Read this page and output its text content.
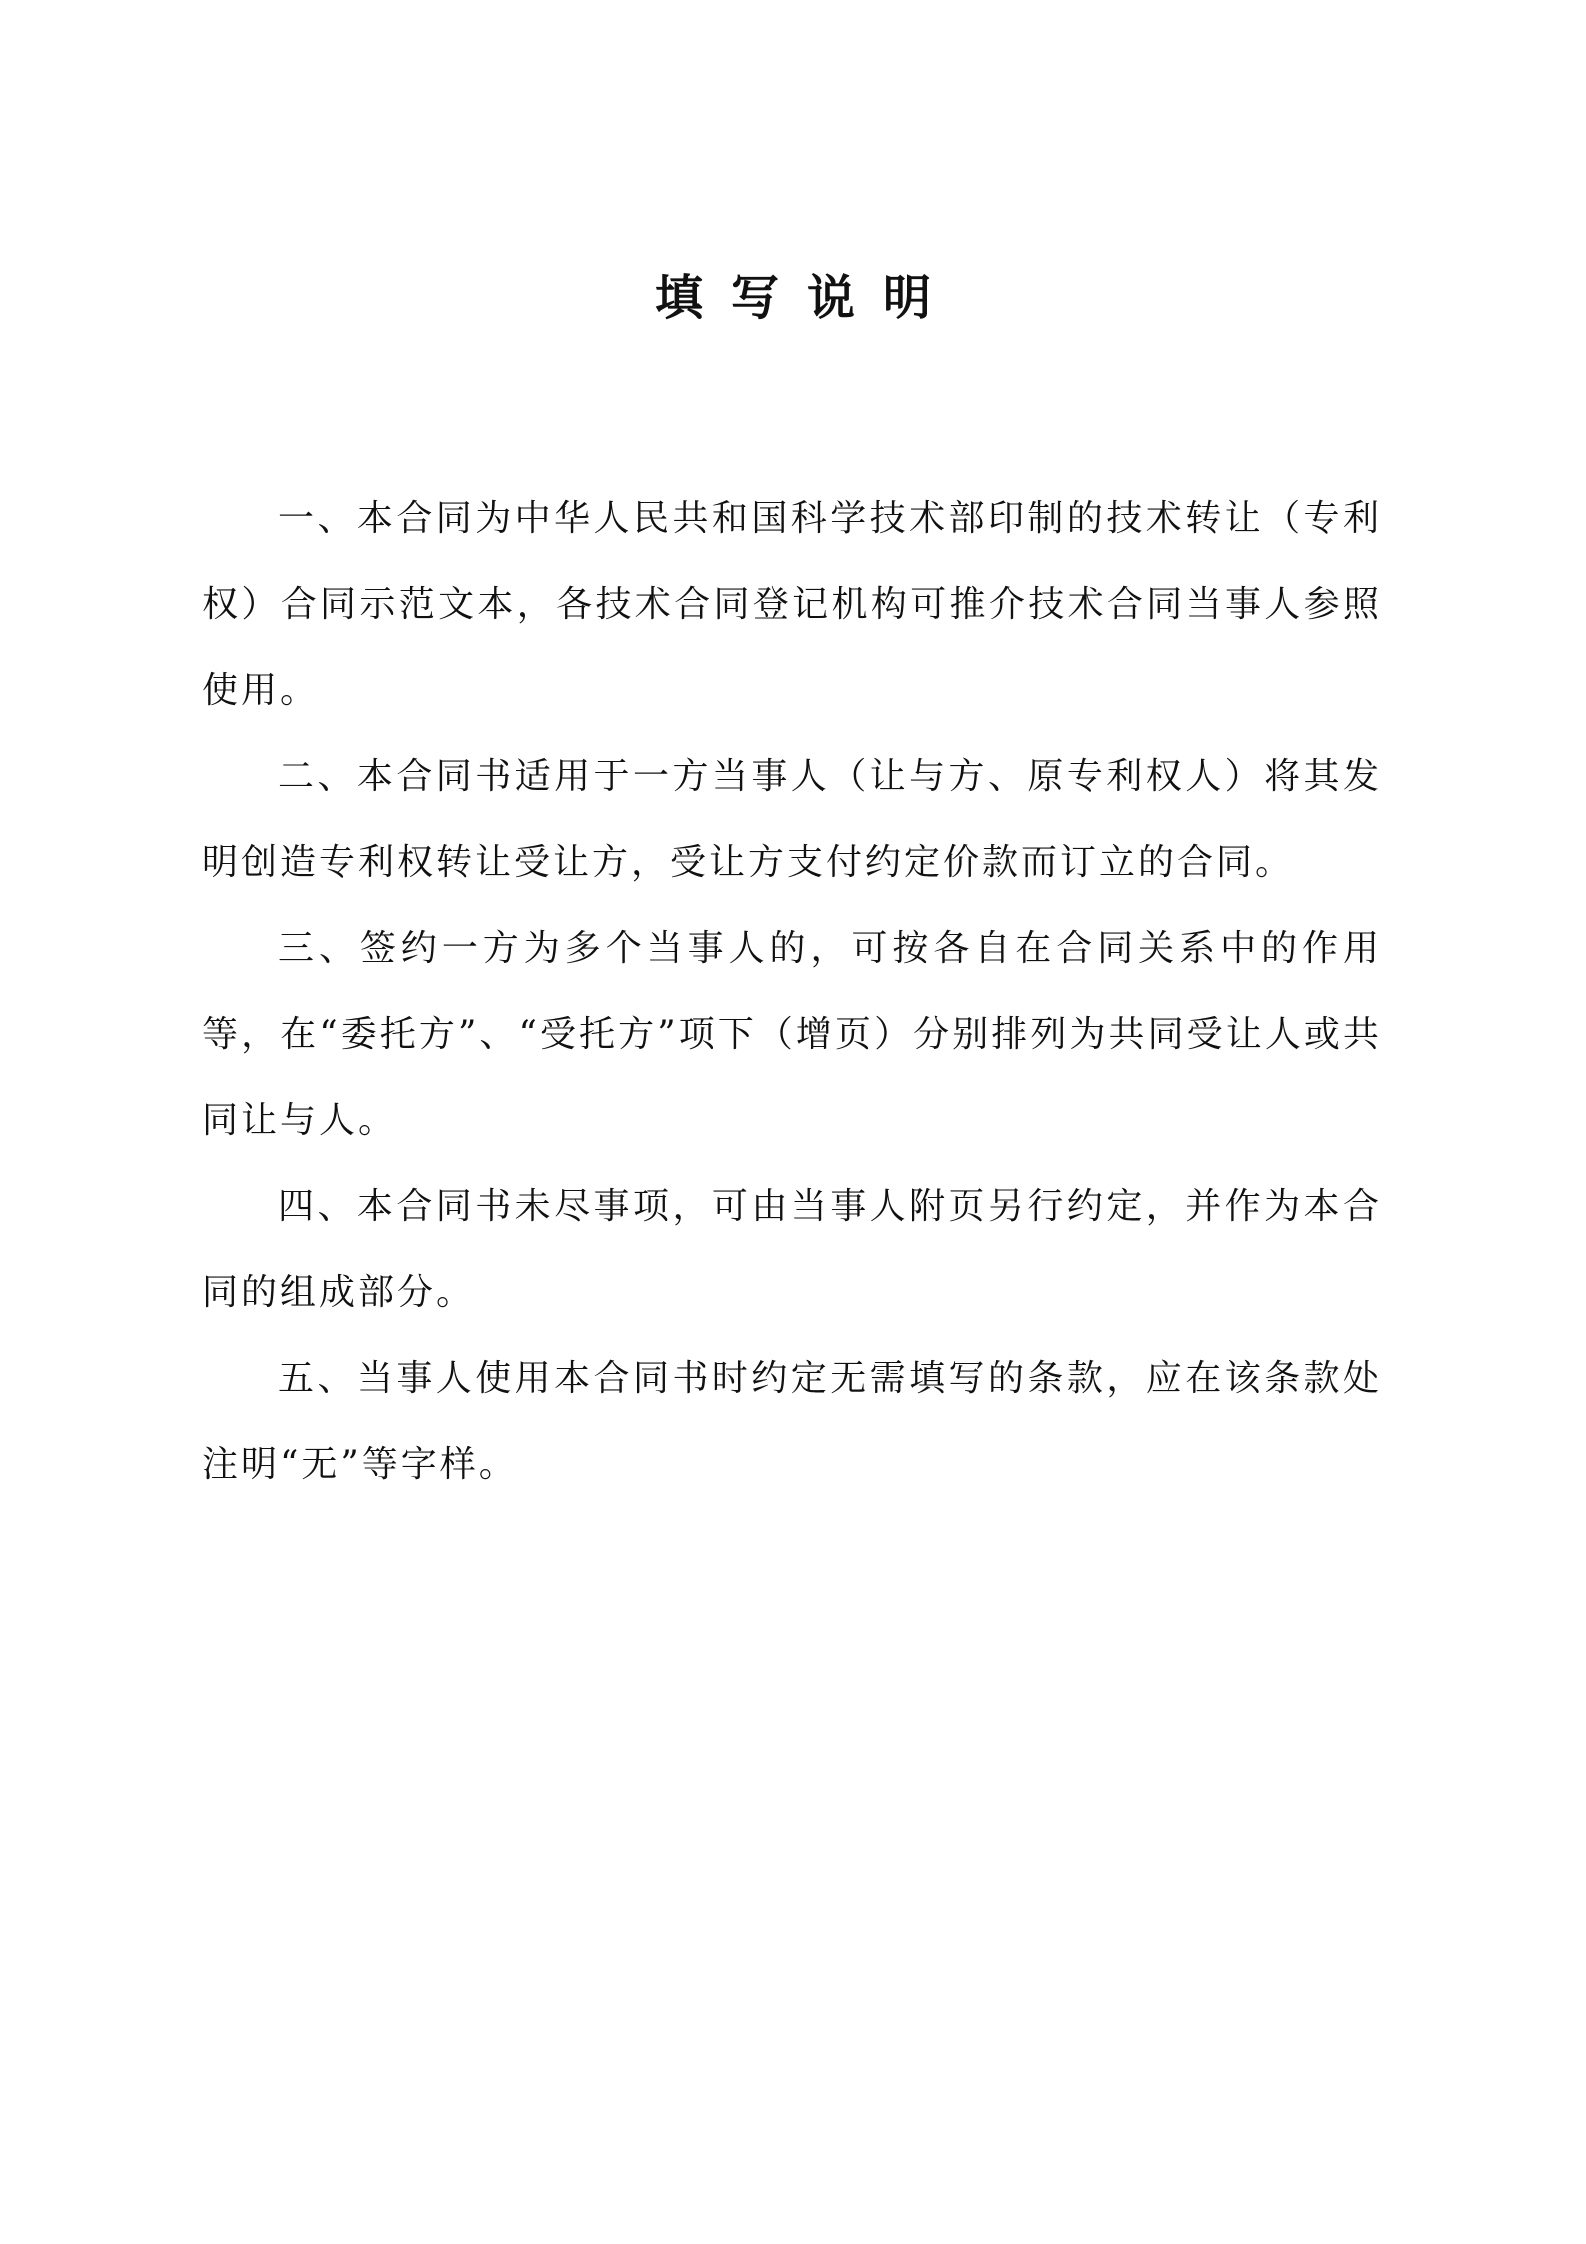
填写说明

一、本合同为中华人民共和国科学技术部印制的技术转让（专利权）合同示范文本，各技术合同登记机构可推介技术合同当事人参照使用。

二、本合同书适用于一方当事人（让与方、原专利权人）将其发明创造专利权转让受让方，受让方支付约定价款而订立的合同。

三、签约一方为多个当事人的，可按各自在合同关系中的作用等，在“委托方”、“受托方”项下（增页）分别排列为共同受让人或共同让与人。

四、本合同书未尽事项，可由当事人附页另行约定，并作为本合同的组成部分。

五、当事人使用本合同书时约定无需填写的条款，应在该条款处注明“无”等字样。
